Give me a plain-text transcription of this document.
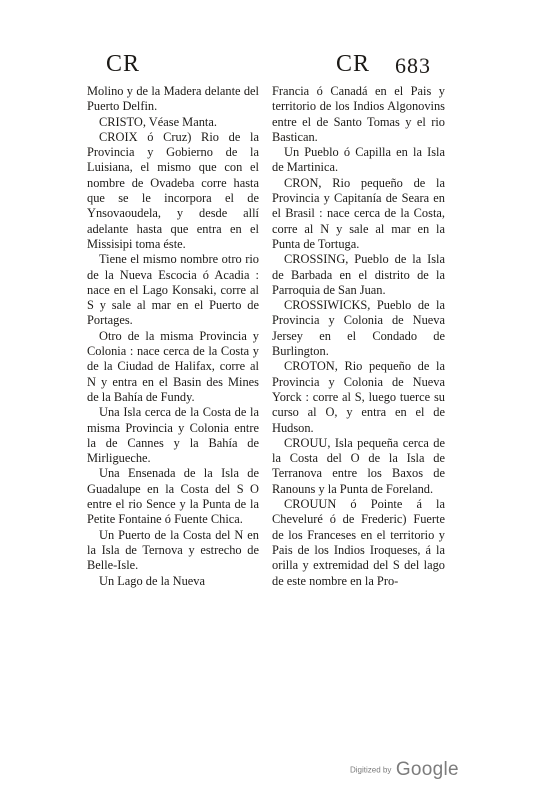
CR	CR 683

Molino y de la Madera delante del Puerto Delfin.

CRISTO, Véase Manta.

CROIX ó Cruz) Rio de la Provincia y Gobierno de la Luisiana, el mismo que con el nombre de Ovadeba corre hasta que se le incorpora el de Ynsovaoudela, y desde allí adelante hasta que entra en el Missisipi toma éste.

Tiene el mismo nombre otro rio de la Nueva Escocia ó Acadia : nace en el Lago Konsaki, corre al S y sale al mar en el Puerto de Portages.

Otro de la misma Provincia y Colonia : nace cerca de la Costa y de la Ciudad de Halifax, corre al N y entra en el Basin des Mines de la Bahía de Fundy.

Una Isla cerca de la Costa de la misma Provincia y Colonia entre la de Cannes y la Bahía de Mirligueche.

Una Ensenada de la Isla de Guadalupe en la Costa del S O entre el rio Sence y la Punta de la Petite Fontaine ó Fuente Chica.

Un Puerto de la Costa del N en la Isla de Ternova y estrecho de Belle-Isle.

Un Lago de la Nueva

Francia ó Canadá en el Pais y territorio de los Indios Algonovins entre el de Santo Tomas y el rio Bastican.

Un Pueblo ó Capilla en la Isla de Martinica.

CRON, Rio pequeño de la Provincia y Capitanía de Seara en el Brasil : nace cerca de la Costa, corre al N y sale al mar en la Punta de Tortuga.

CROSSING, Pueblo de la Isla de Barbada en el distrito de la Parroquia de San Juan.

CROSSIWICKS, Pueblo de la Provincia y Colonia de Nueva Jersey en el Condado de Burlington.

CROTON, Rio pequeño de la Provincia y Colonia de Nueva Yorck : corre al S, luego tuerce su curso al O, y entra en el de Hudson.

CROUU, Isla pequeña cerca de la Costa del O de la Isla de Terranova entre los Baxos de Ranouns y la Punta de Foreland.

CROUUN ó Pointe á la Cheveluré ó de Frederic) Fuerte de los Franceses en el territorio y Pais de los Indios Iroqueses, á la orilla y extremidad del S del lago de este nombre en la Pro-

Digitized by Google
